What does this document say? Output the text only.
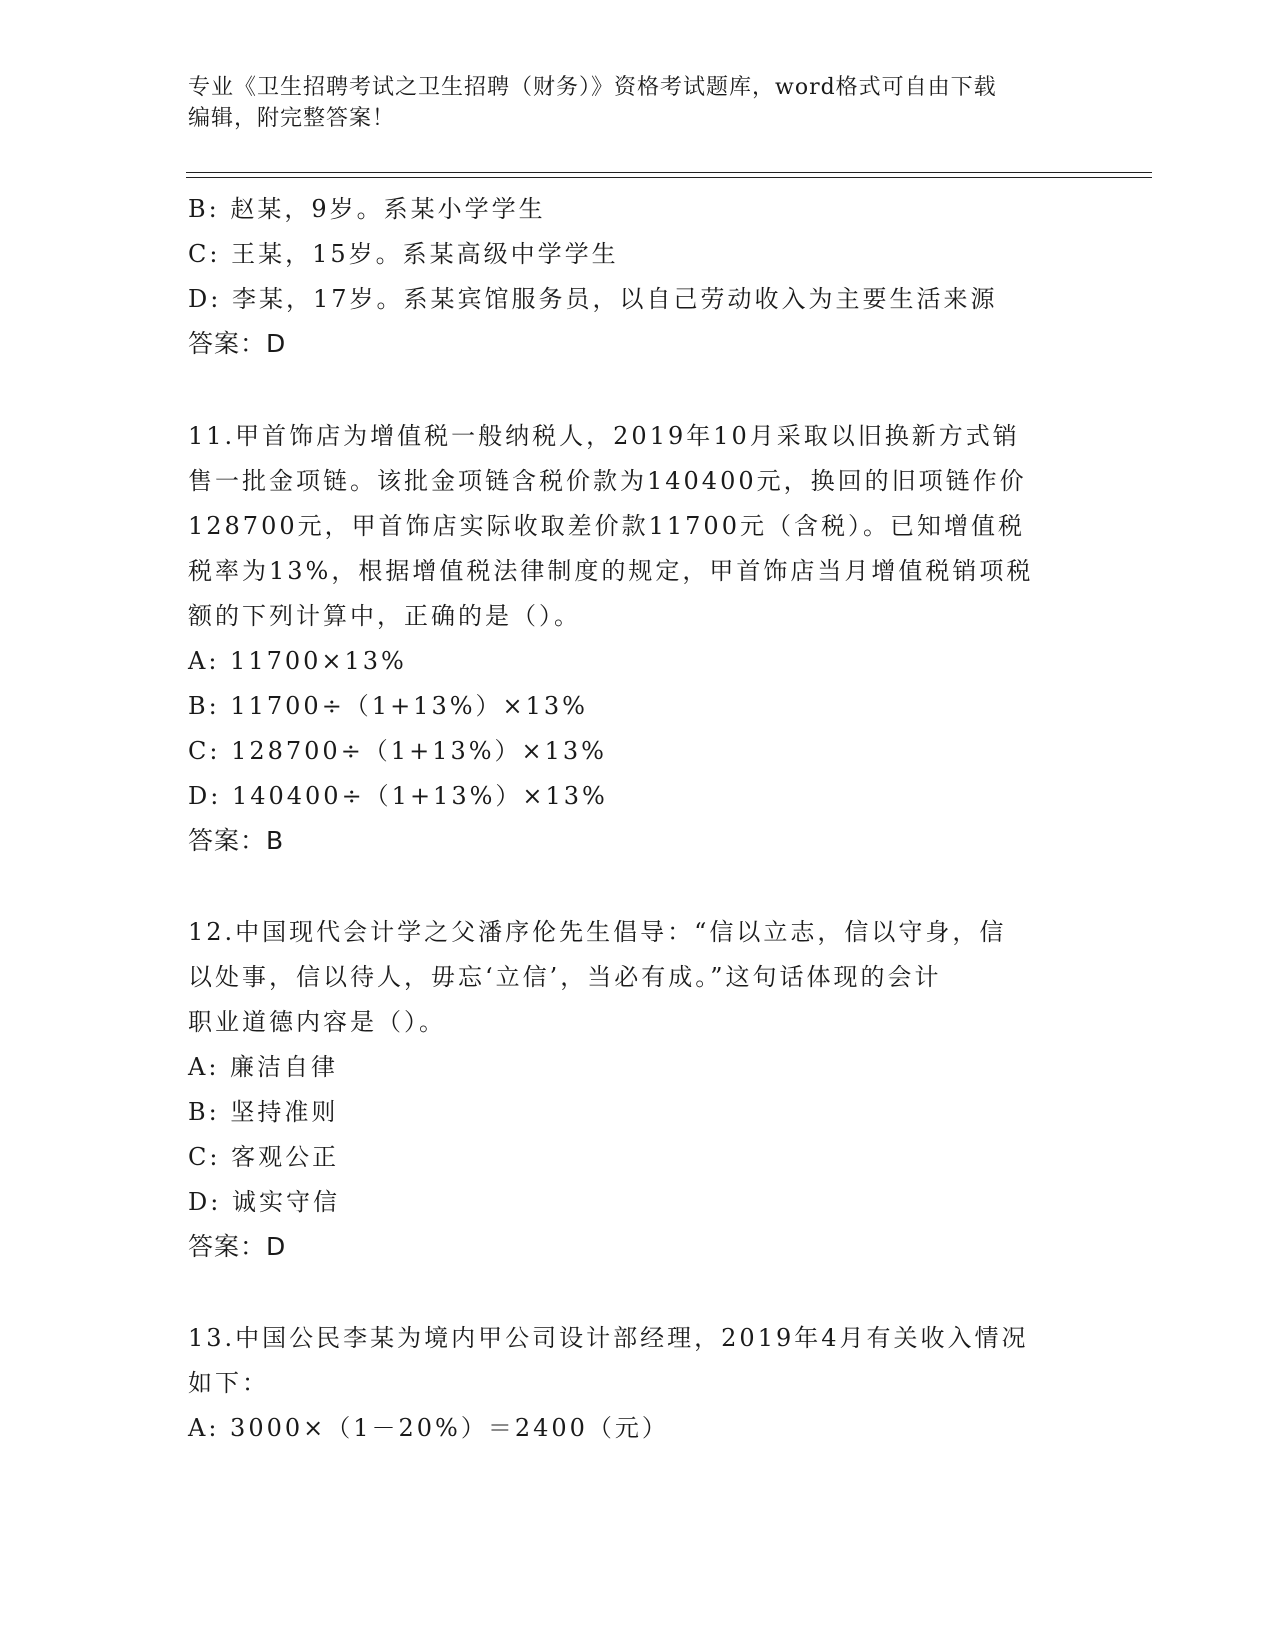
专业《卫生招聘考试之卫生招聘（财务）》资格考试题库，word格式可自由下载
编辑，附完整答案！
B: 赵某，9岁。系某小学学生
C: 王某，15岁。系某高级中学学生
D: 李某，17岁。系某宾馆服务员，以自己劳动收入为主要生活来源
答案：D
11.甲首饰店为增值税一般纳税人，2019年10月采取以旧换新方式销
售一批金项链。该批金项链含税价款为140400元，换回的旧项链作价
128700元，甲首饰店实际收取差价款11700元（含税）。已知增值税
税率为13%，根据增值税法律制度的规定，甲首饰店当月增值税销项税
额的下列计算中，正确的是（）。
A: 11700×13%
B: 11700÷（1+13%）×13%
C: 128700÷（1+13%）×13%
D: 140400÷（1+13%）×13%
答案：B
12.中国现代会计学之父潘序伦先生倡导：“信以立志，信以守身，信
以处事，信以待人，毋忘‘立信’，当必有成。”这句话体现的会计
职业道德内容是（）。
A: 廉洁自律
B: 坚持准则
C: 客观公正
D: 诚实守信
答案：D
13.中国公民李某为境内甲公司设计部经理，2019年4月有关收入情况
如下：
A: 3000×（1－20%）＝2400（元）
